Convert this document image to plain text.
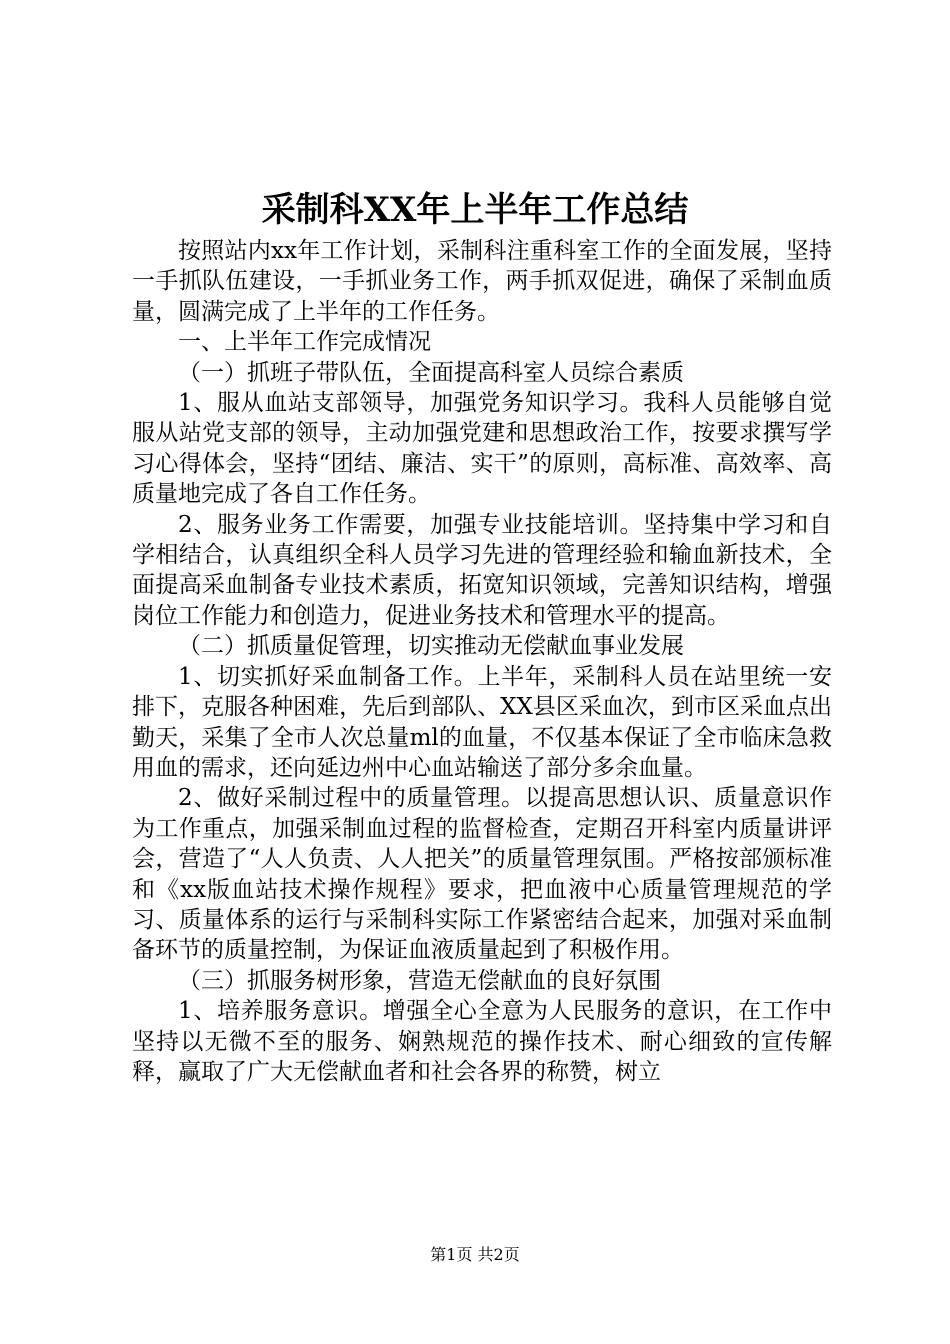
采制科XX年上半年工作总结

按照站内xx年工作计划，采制科注重科室工作的全面发展，坚持一手抓队伍建设，一手抓业务工作，两手抓双促进，确保了采制血质量，圆满完成了上半年的工作任务。

一、上半年工作完成情况

（一）抓班子带队伍，全面提高科室人员综合素质

1、服从血站支部领导，加强党务知识学习。我科人员能够自觉服从站党支部的领导，主动加强党建和思想政治工作，按要求撰写学习心得体会，坚持“团结、廉洁、实干”的原则，高标准、高效率、高质量地完成了各自工作任务。

2、服务业务工作需要，加强专业技能培训。坚持集中学习和自学相结合，认真组织全科人员学习先进的管理经验和输血新技术，全面提高采血制备专业技术素质，拓宽知识领域，完善知识结构，增强岗位工作能力和创造力，促进业务技术和管理水平的提高。

（二）抓质量促管理，切实推动无偿献血事业发展

1、切实抓好采血制备工作。上半年，采制科人员在站里统一安排下，克服各种困难，先后到部队、XX县区采血次，到市区采血点出勤天，采集了全市人次总量ml的血量，不仅基本保证了全市临床急救用血的需求，还向延边州中心血站输送了部分多余血量。

2、做好采制过程中的质量管理。以提高思想认识、质量意识作为工作重点，加强采制血过程的监督检查，定期召开科室内质量讲评会，营造了“人人负责、人人把关”的质量管理氛围。严格按部颁标准和《xx版血站技术操作规程》要求，把血液中心质量管理规范的学习、质量体系的运行与采制科实际工作紧密结合起来，加强对采血制备环节的质量控制，为保证血液质量起到了积极作用。

（三）抓服务树形象，营造无偿献血的良好氛围

1、培养服务意识。增强全心全意为人民服务的意识，在工作中坚持以无微不至的服务、娴熟规范的操作技术、耐心细致的宣传解释，赢取了广大无偿献血者和社会各界的称赞，树立

第1页 共2页
